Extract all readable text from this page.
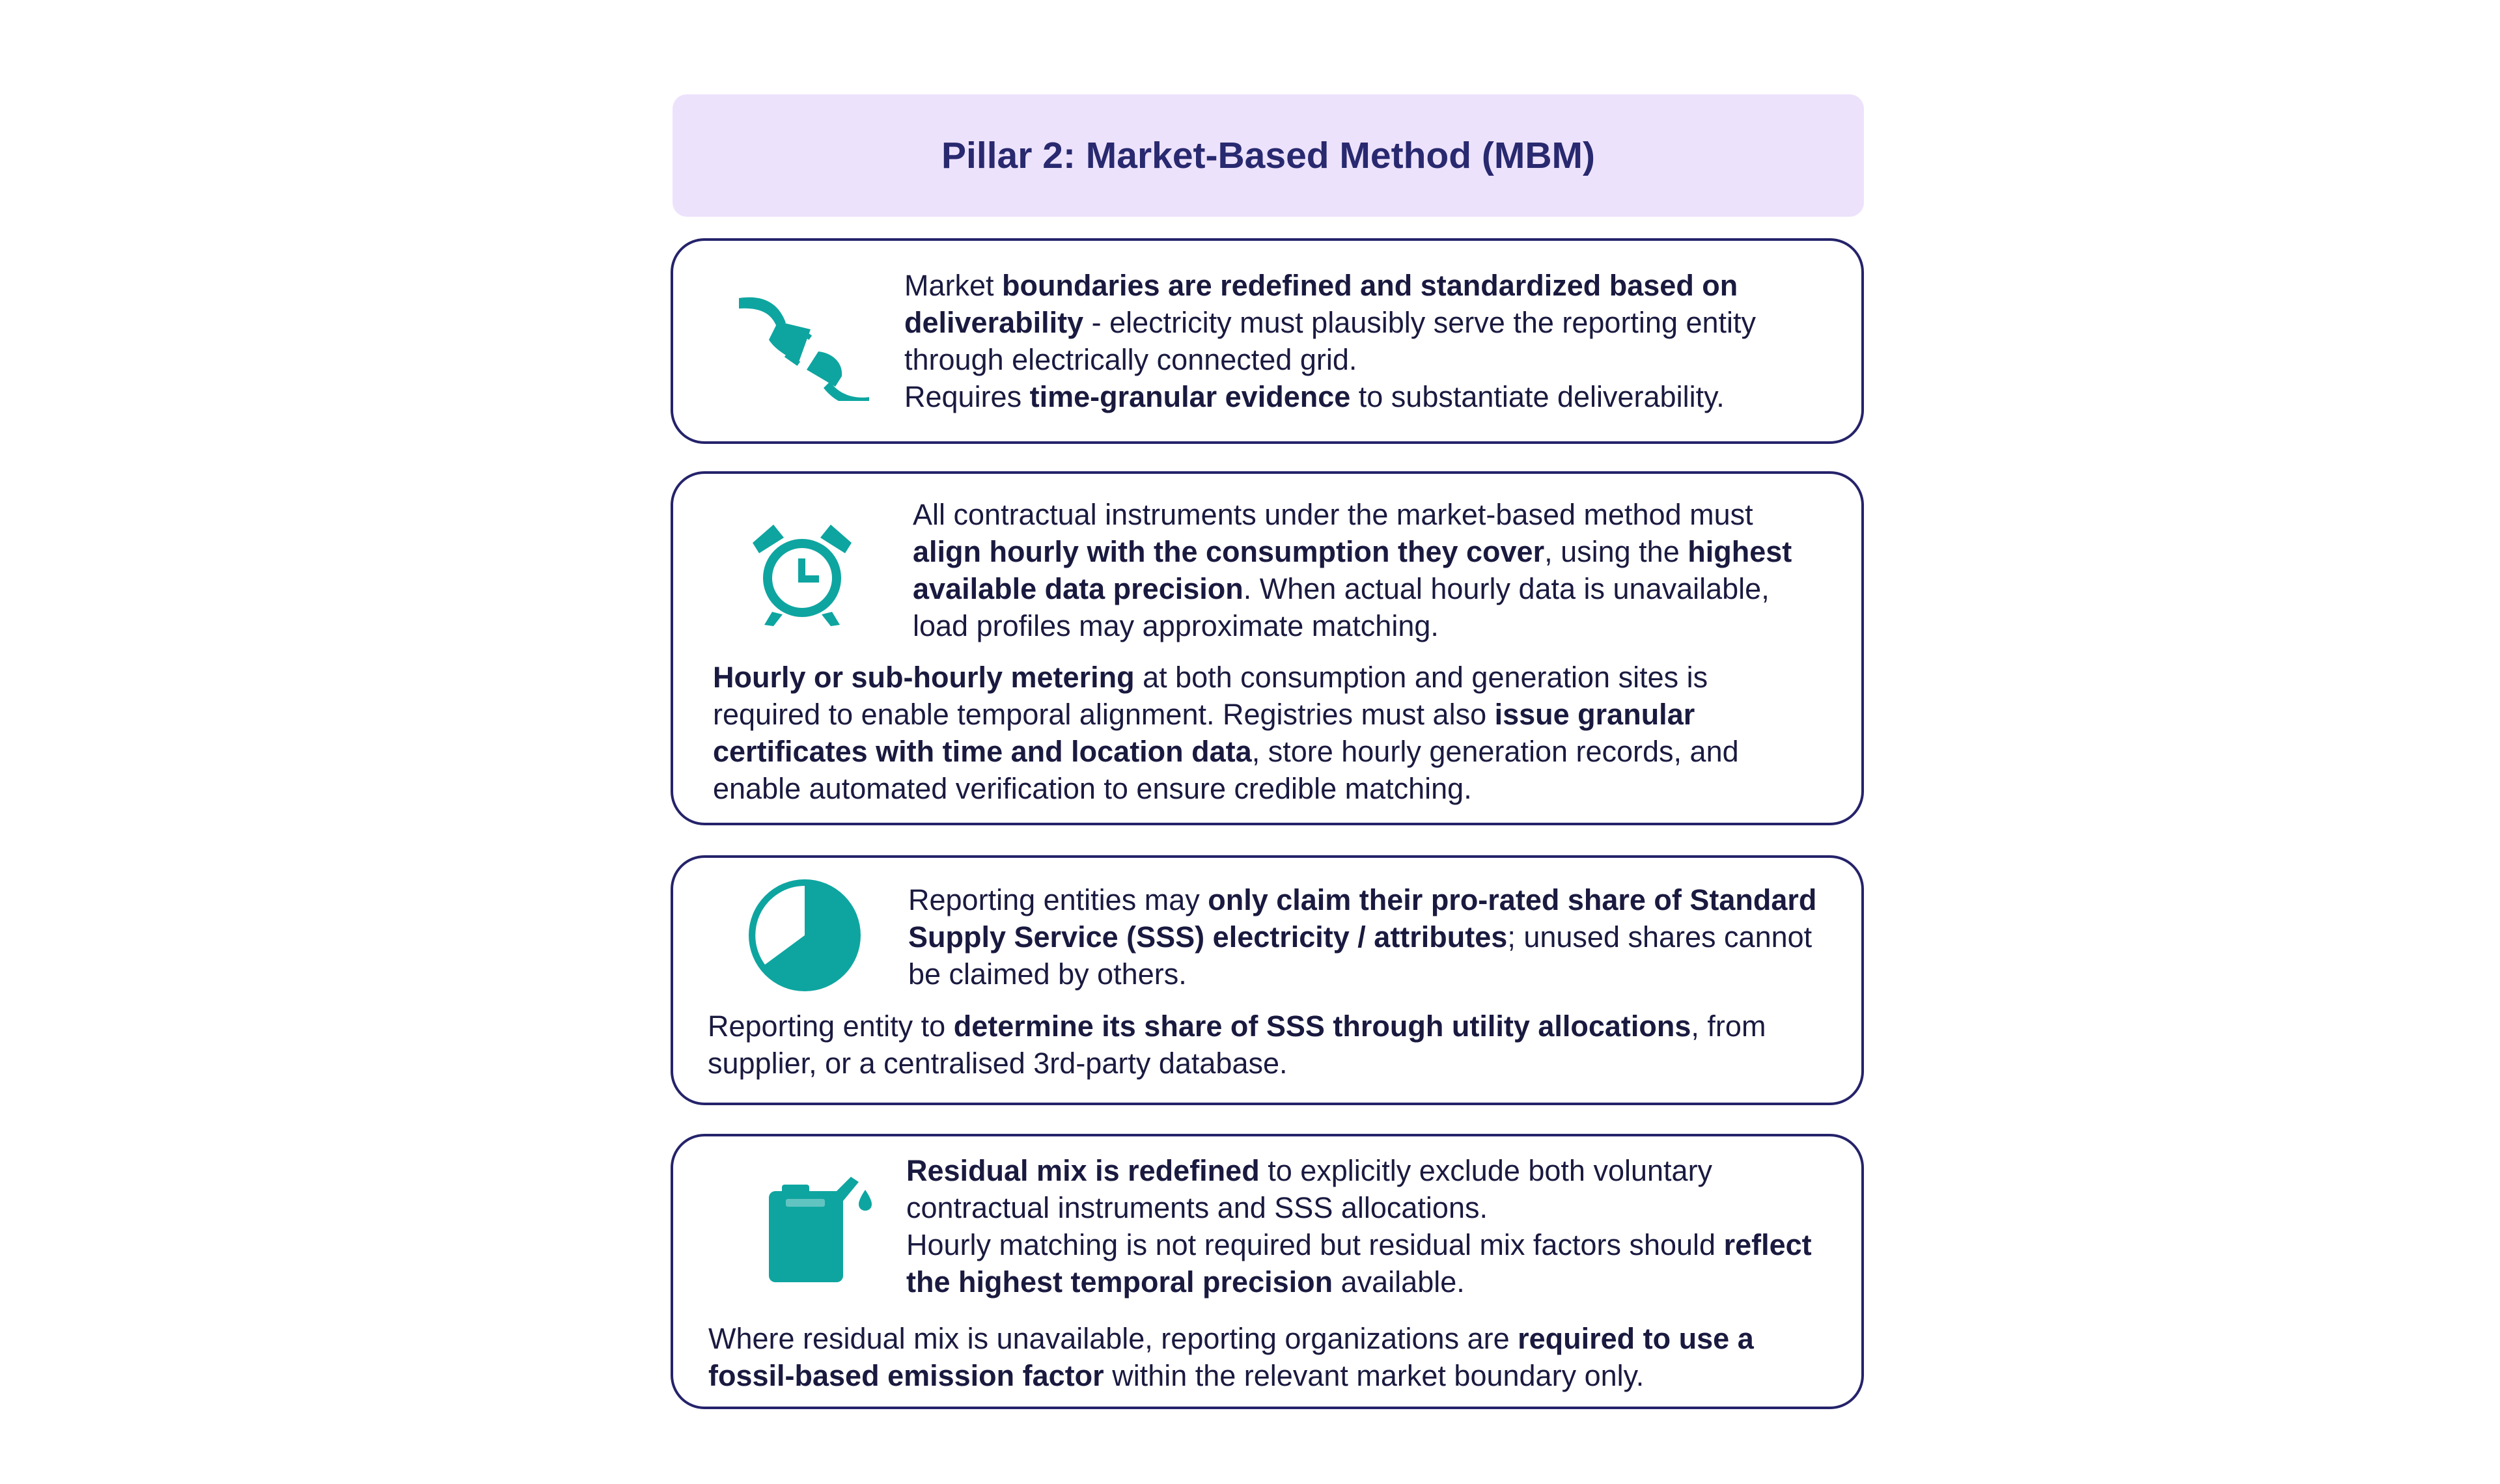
Pillar 2: Market-Based Method (MBM)

Market boundaries are redefined and standardized based on deliverability - electricity must plausibly serve the reporting entity through electrically connected grid.

Requires time-granular evidence to substantiate deliverability.

All contractual instruments under the market-based method must align hourly with the consumption they cover, using the highest available data precision. When actual hourly data is unavailable, load profiles may approximate matching.

Hourly or sub-hourly metering at both consumption and generation sites is required to enable temporal alignment. Registries must also issue granular certificates with time and location data, store hourly generation records, and enable automated verification to ensure credible matching.

Reporting entities may only claim their pro-rated share of Standard Supply Service (SSS) electricity / attributes; unused shares cannot be claimed by others.

Reporting entity to determine its share of SSS through utility allocations, from supplier, or a centralised 3rd-party database.

Residual mix is redefined to explicitly exclude both voluntary contractual instruments and SSS allocations.

Hourly matching is not required but residual mix factors should reflect the highest temporal precision available.

Where residual mix is unavailable, reporting organizations are required to use a fossil-based emission factor within the relevant market boundary only.
